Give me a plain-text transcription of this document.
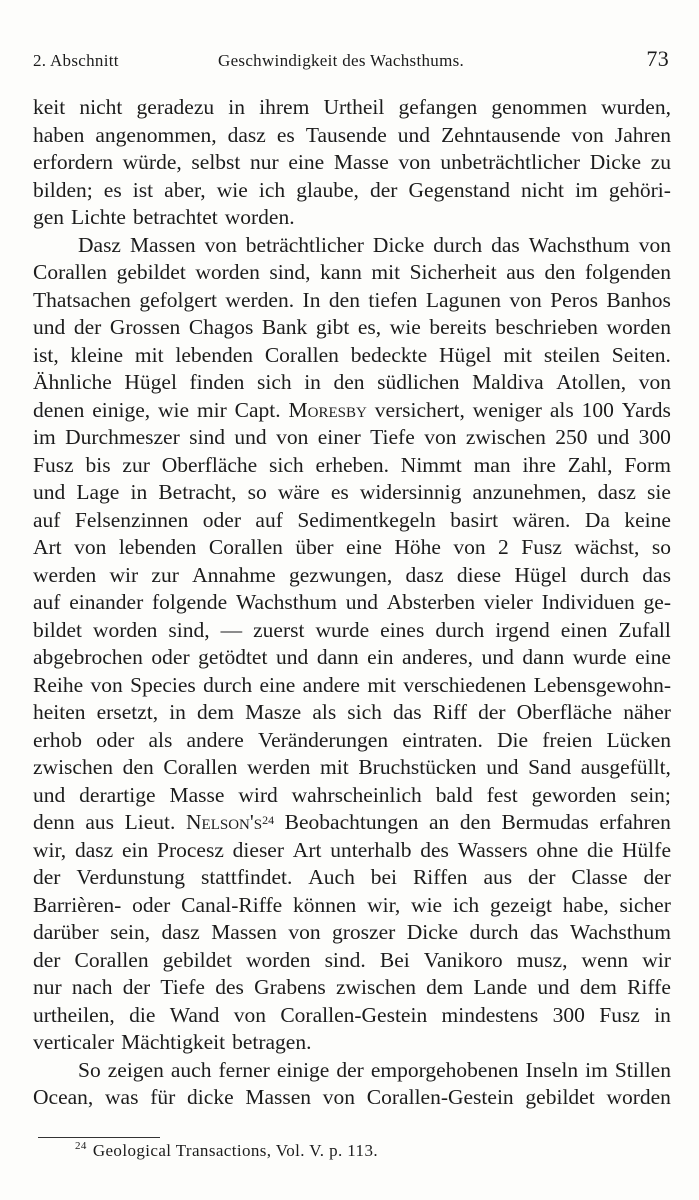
2. Abschnitt	Geschwindigkeit des Wachsthums.	73
keit nicht geradezu in ihrem Urtheil gefangen genommen wurden,
haben angenommen, dasz es Tausende und Zehntausende von Jahren
erfordern würde, selbst nur eine Masse von unbeträchtlicher Dicke zu
bilden; es ist aber, wie ich glaube, der Gegenstand nicht im gehöri-
gen Lichte betrachtet worden.
Dasz Massen von beträchtlicher Dicke durch das Wachsthum von
Corallen gebildet worden sind, kann mit Sicherheit aus den folgenden
Thatsachen gefolgert werden. In den tiefen Lagunen von Peros Banhos
und der Grossen Chagos Bank gibt es, wie bereits beschrieben worden
ist, kleine mit lebenden Corallen bedeckte Hügel mit steilen Seiten.
Ähnliche Hügel finden sich in den südlichen Maldiva Atollen, von
denen einige, wie mir Capt. Moresby versichert, weniger als 100 Yards
im Durchmeszer sind und von einer Tiefe von zwischen 250 und 300
Fusz bis zur Oberfläche sich erheben. Nimmt man ihre Zahl, Form
und Lage in Betracht, so wäre es widersinnig anzunehmen, dasz sie
auf Felsenzinnen oder auf Sedimentkegeln basirt wären. Da keine
Art von lebenden Corallen über eine Höhe von 2 Fusz wächst, so
werden wir zur Annahme gezwungen, dasz diese Hügel durch das
auf einander folgende Wachsthum und Absterben vieler Individuen ge-
bildet worden sind, — zuerst wurde eines durch irgend einen Zufall
abgebrochen oder getödtet und dann ein anderes, und dann wurde eine
Reihe von Species durch eine andere mit verschiedenen Lebensgewohn-
heiten ersetzt, in dem Masze als sich das Riff der Oberfläche näher
erhob oder als andere Veränderungen eintraten. Die freien Lücken
zwischen den Corallen werden mit Bruchstücken und Sand ausgefüllt,
und derartige Masse wird wahrscheinlich bald fest geworden sein;
denn aus Lieut. $Nelson's^{24}$ Beobachtungen an den Bermudas erfahren
wir, dasz ein Procesz dieser Art unterhalb des Wassers ohne die Hülfe
der Verdunstung stattfindet. Auch bei Riffen aus der Classe der
Barrièren- oder Canal-Riffe können wir, wie ich gezeigt habe, sicher
darüber sein, dasz Massen von groszer Dicke durch das Wachsthum
der Corallen gebildet worden sind. Bei Vanikoro musz, wenn wir
nur nach der Tiefe des Grabens zwischen dem Lande und dem Riffe
urtheilen, die Wand von Corallen-Gestein mindestens 300 Fusz in
verticaler Mächtigkeit betragen.
So zeigen auch ferner einige der emporgehobenen Inseln im Stillen
Ocean, was für dicke Massen von Corallen-Gestein gebildet worden
$^{24}$ Geological Transactions, Vol. V. p. 113.
